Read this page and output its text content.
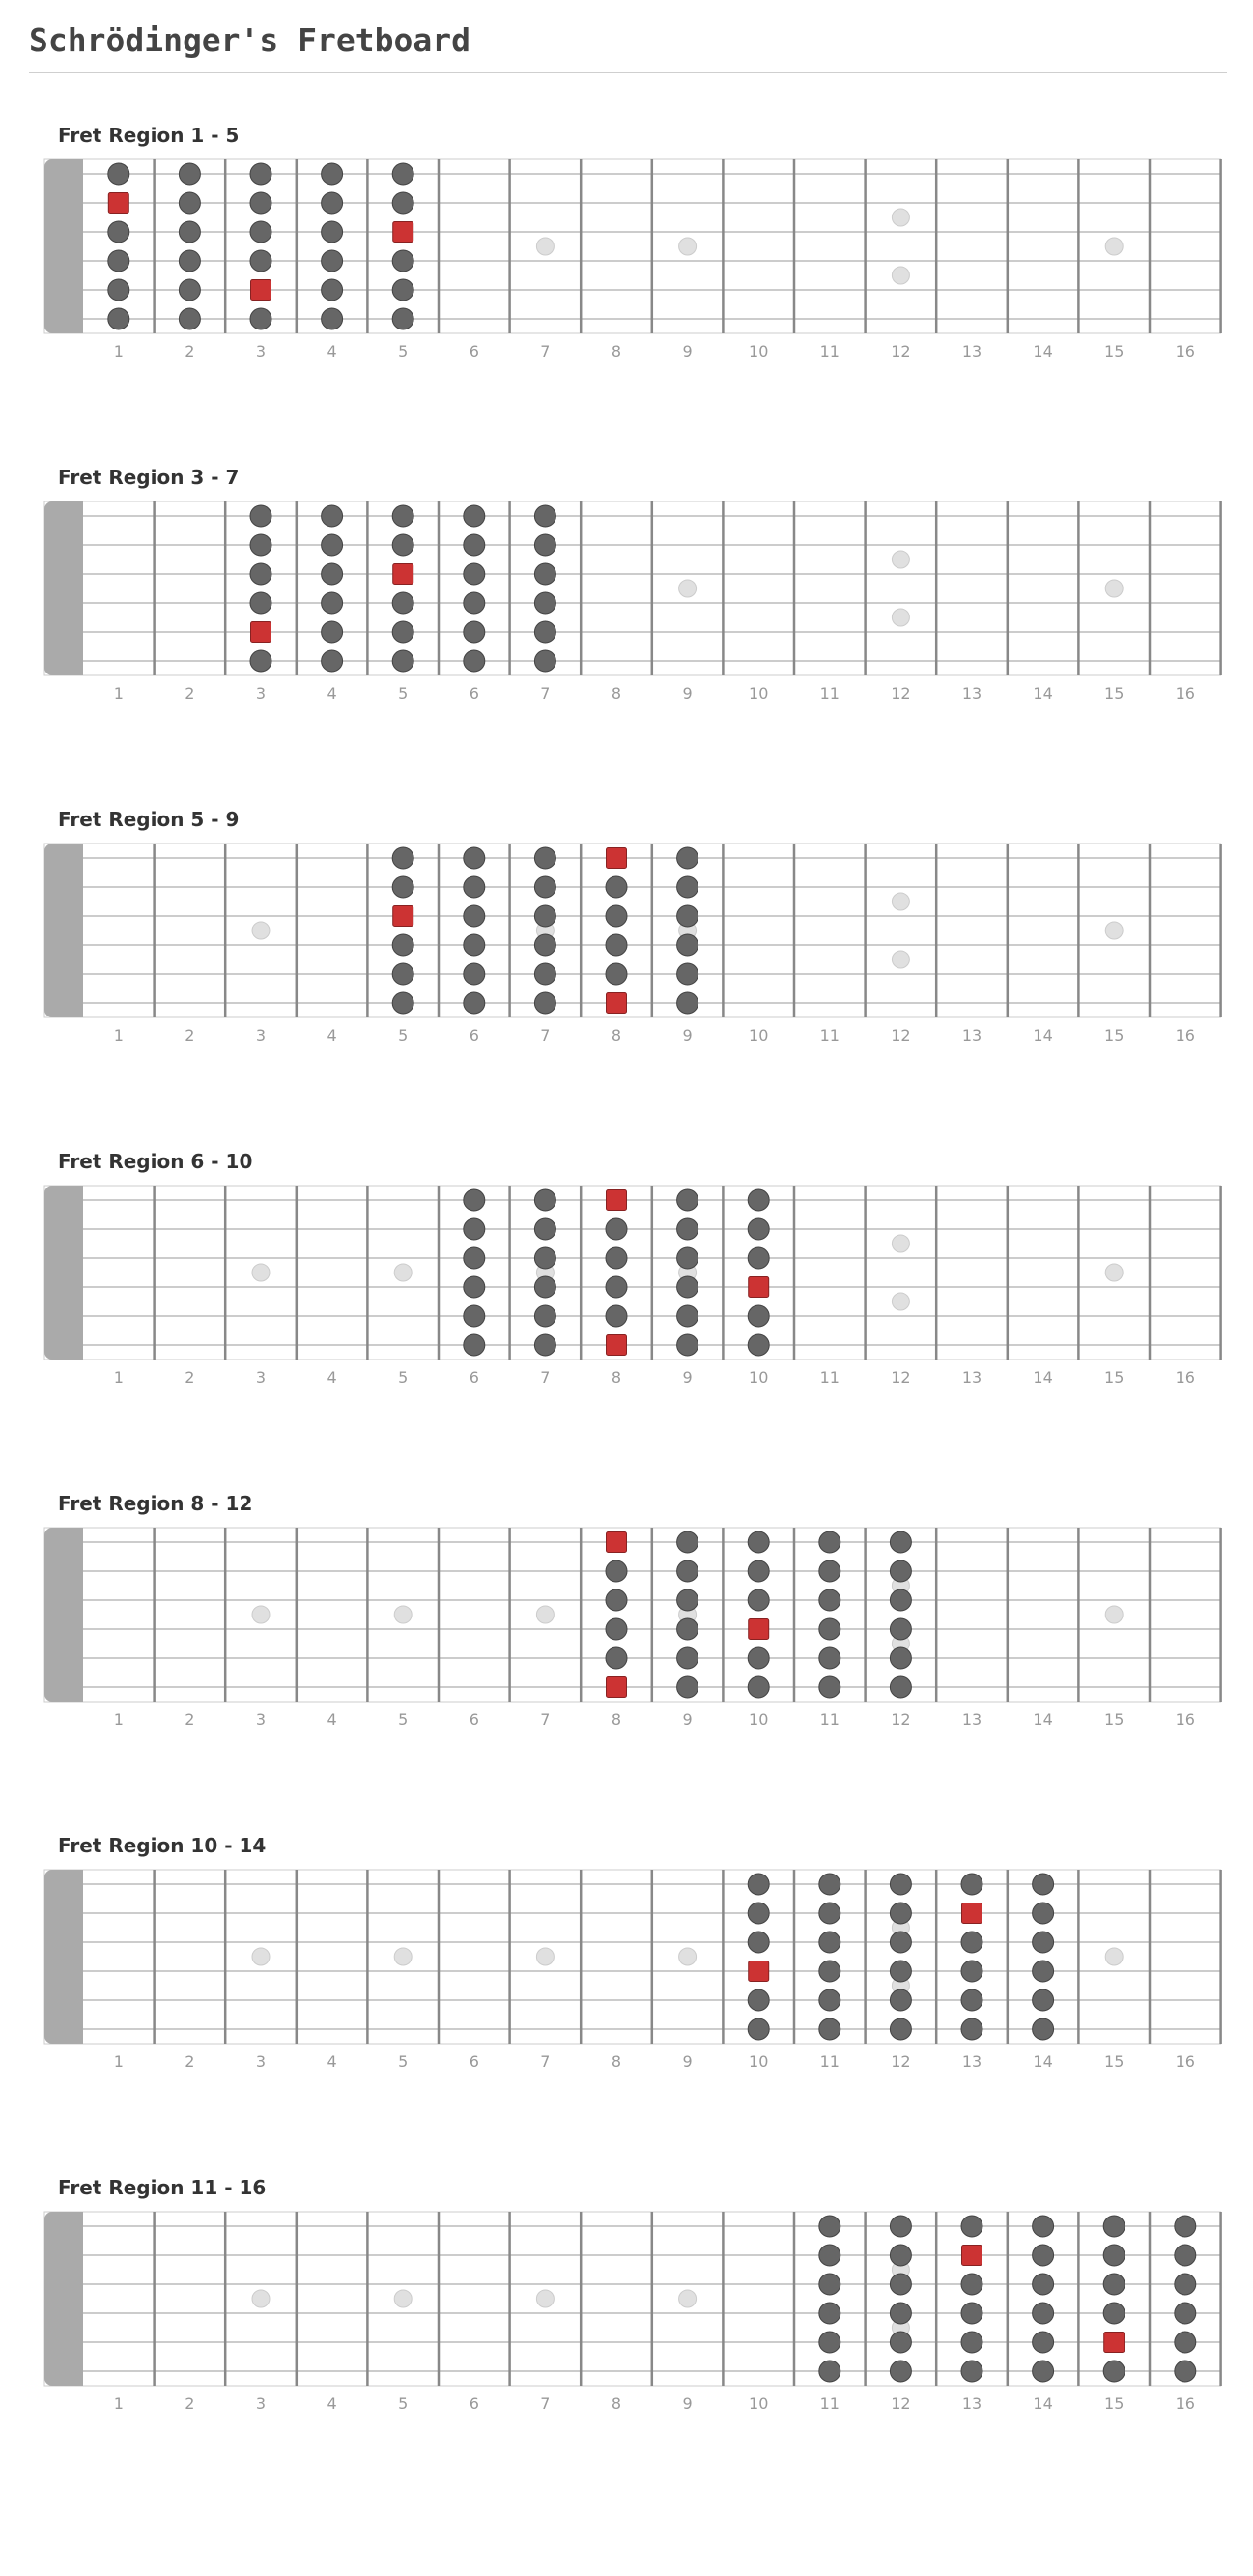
Schrödinger's Fretboard
Fret Region 1 - 5
1	2	3	4	5	6	7	8	9	10	11	12	13	14	15	16
Fret Region 3 - 7
1	2	3	4	5	6	7	8	9	10	11	12	13	14	15	16
Fret Region 5 - 9
1	2	3	4	5	6	7	8	9	10	11	12	13	14	15	16
Fret Region 6 - 10
1	2	3	4	5	6	7	8	9	10	11	12	13	14	15	16
Fret Region 8 - 12
1	2	3	4	5	6	7	8	9	10	11	12	13	14	15	16
Fret Region 10 - 14
1	2	3	4	5	6	7	8	9	10	11	12	13	14	15	16
Fret Region 11 - 16
1	2	3	4	5	6	7	8	9	10	11	12	13	14	15	16
